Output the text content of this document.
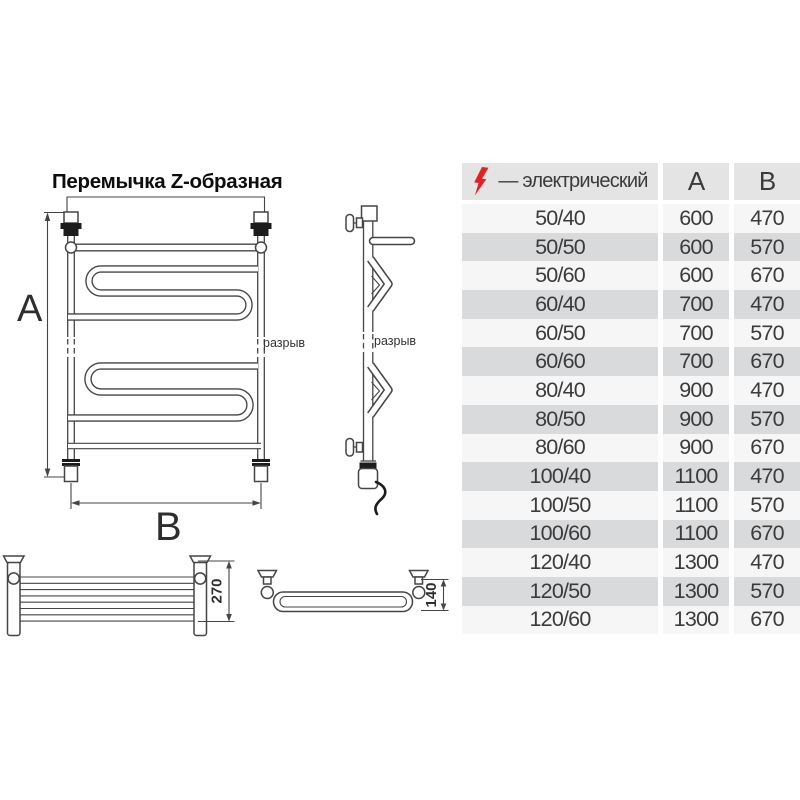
Перемычка Z-образная
A
B
разрыв	разрыв
270	140
— электрический	A	B
50/40	600	470
50/50	600	570
50/60	600	670
60/40	700	470
60/50	700	570
60/60	700	670
80/40	900	470
80/50	900	570
80/60	900	670
100/40	1100	470
100/50	1100	570
100/60	1100	670
120/40	1300	470
120/50	1300	570
120/60	1300	670
